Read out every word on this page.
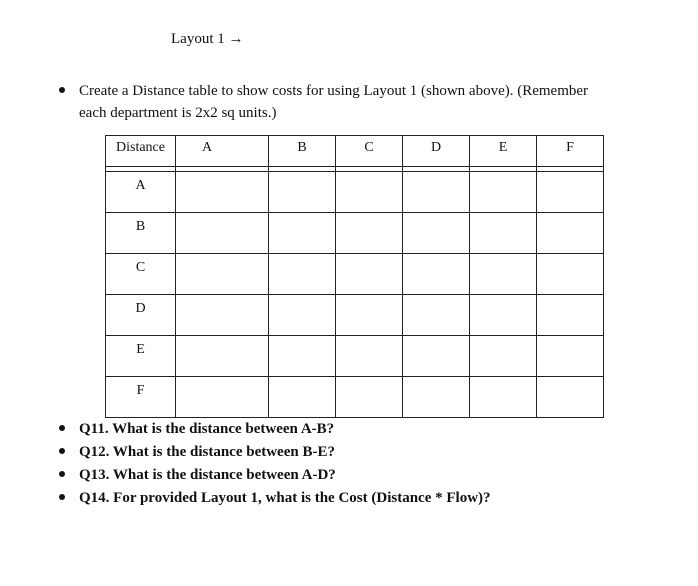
Layout 1 →
Create a Distance table to show costs for using Layout 1 (shown above). (Remember
each department is 2x2 sq units.)
Distance	A	B	C	D	E	F

A						
B						
C						
D						
E						
F						
Q11. What is the distance between A-B?
Q12. What is the distance between B-E?
Q13. What is the distance between A-D?
Q14. For provided Layout 1, what is the Cost (Distance * Flow)?
